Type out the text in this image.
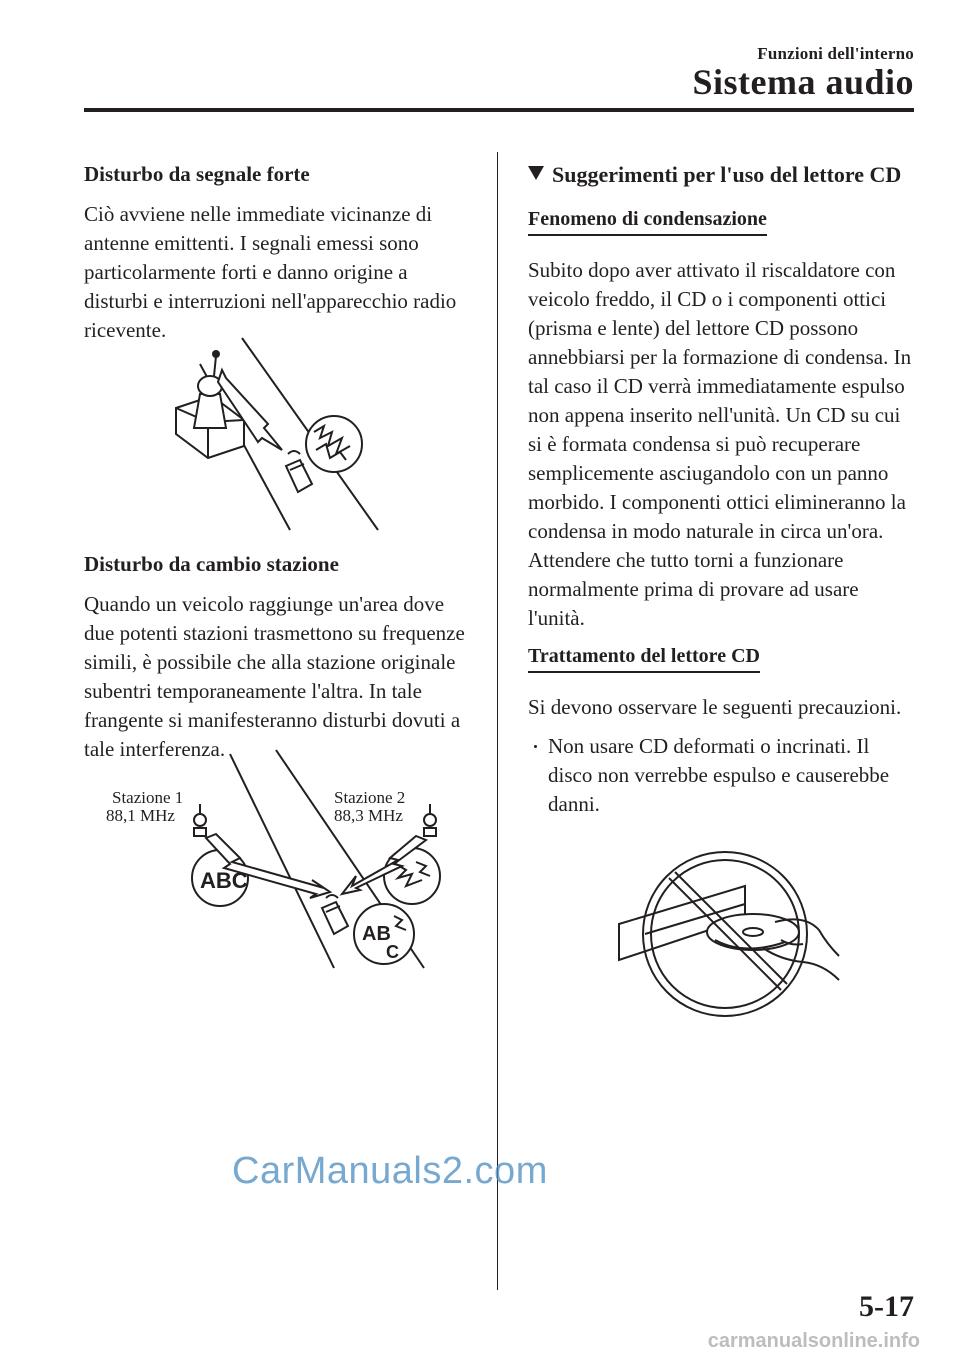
Funzioni dell'interno
Sistema audio
Disturbo da segnale forte

Ciò avviene nelle immediate vicinanze di antenne emittenti. I segnali emessi sono particolarmente forti e danno origine a disturbi e interruzioni nell'apparecchio radio ricevente.

Disturbo da cambio stazione

Quando un veicolo raggiunge un'area dove due potenti stazioni trasmettono su frequenze simili, è possibile che alla stazione originale subentri temporaneamente l'altra. In tale frangente si manifesteranno disturbi dovuti a tale interferenza.

Stazione 1
88,1 MHz
Stazione 2
88,3 MHz
ABC
AB
C
Suggerimenti per l'uso del lettore CD
Fenomeno di condensazione

Subito dopo aver attivato il riscaldatore con veicolo freddo, il CD o i componenti ottici (prisma e lente) del lettore CD possono annebbiarsi per la formazione di condensa. In tal caso il CD verrà immediatamente espulso non appena inserito nell'unità. Un CD su cui si è formata condensa si può recuperare semplicemente asciugandolo con un panno morbido. I componenti ottici elimineranno la condensa in modo naturale in circa un'ora. Attendere che tutto torni a funzionare normalmente prima di provare ad usare l'unità.

Trattamento del lettore CD

Si devono osservare le seguenti precauzioni.

Non usare CD deformati o incrinati. Il disco non verrebbe espulso e causerebbe danni.
CarManuals2.com
5-17
carmanualsonline.info
